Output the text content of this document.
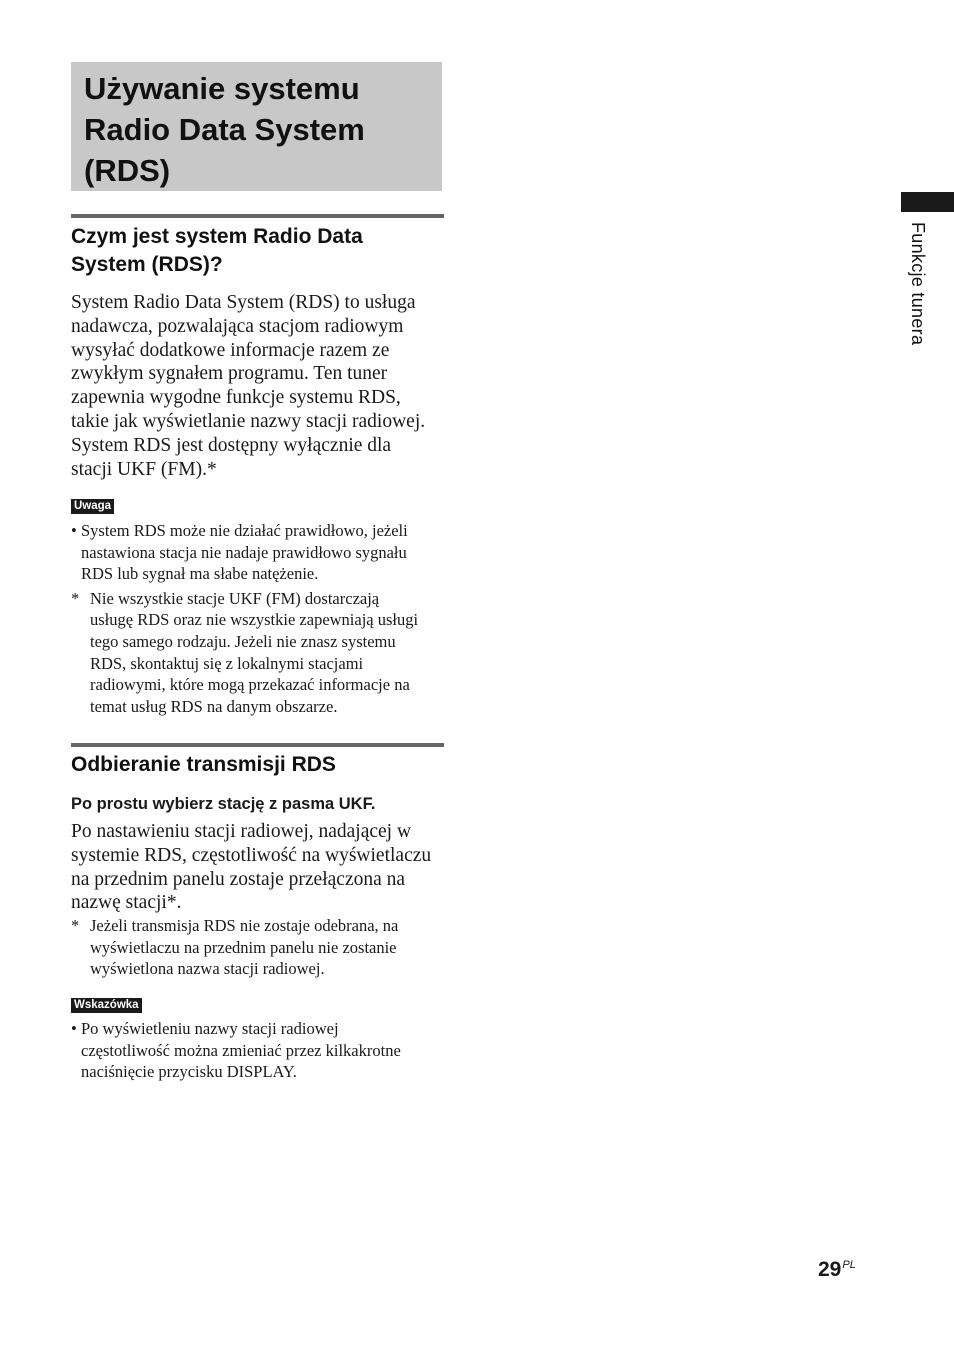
Używanie systemu
Radio Data System
(RDS)
Czym jest system Radio Data
System (RDS)?

System Radio Data System (RDS) to usługa
nadawcza, pozwalająca stacjom radiowym
wysyłać dodatkowe informacje razem ze
zwykłym sygnałem programu. Ten tuner
zapewnia wygodne funkcje systemu RDS,
takie jak wyświetlanie nazwy stacji radiowej.
System RDS jest dostępny wyłącznie dla
stacji UKF (FM).*

Uwaga

• System RDS może nie działać prawidłowo, jeżeli
nastawiona stacja nie nadaje prawidłowo sygnału
RDS lub sygnał ma słabe natężenie.

* Nie wszystkie stacje UKF (FM) dostarczają
usługę RDS oraz nie wszystkie zapewniają usługi
tego samego rodzaju. Jeżeli nie znasz systemu
RDS, skontaktuj się z lokalnymi stacjami
radiowymi, które mogą przekazać informacje na
temat usług RDS na danym obszarze.

Odbieranie transmisji RDS

Po prostu wybierz stację z pasma UKF.

Po nastawieniu stacji radiowej, nadającej w
systemie RDS, częstotliwość na wyświetlaczu
na przednim panelu zostaje przełączona na
nazwę stacji*.

* Jeżeli transmisja RDS nie zostaje odebrana, na
wyświetlaczu na przednim panelu nie zostanie
wyświetlona nazwa stacji radiowej.

Wskazówka

• Po wyświetleniu nazwy stacji radiowej
częstotliwość można zmieniać przez kilkakrotne
naciśnięcie przycisku DISPLAY.

Funkcje tunera
$29^{PL}$
